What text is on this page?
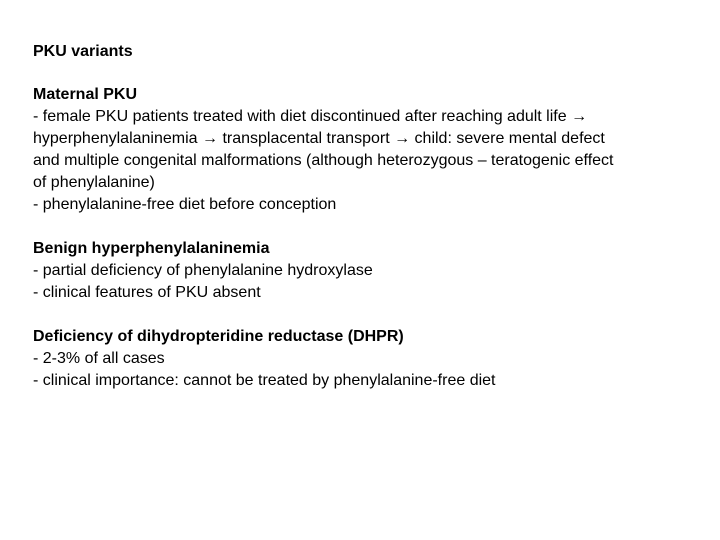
PKU variants
Maternal PKU
- female PKU patients treated with diet discontinued after reaching adult life →
hyperphenylalaninemia → transplacental transport → child: severe mental defect
and multiple congenital malformations (although heterozygous – teratogenic effect
of phenylalanine)
- phenylalanine-free diet before conception
Benign hyperphenylalaninemia
- partial deficiency of phenylalanine hydroxylase
- clinical features of PKU absent
Deficiency of dihydropteridine reductase (DHPR)
- 2-3% of all cases
- clinical importance: cannot be treated by phenylalanine-free diet
